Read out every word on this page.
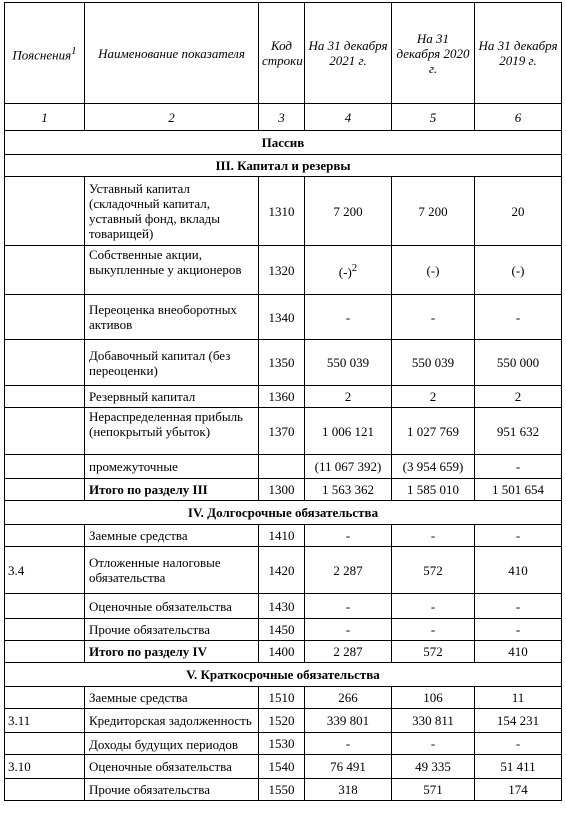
Пояснения$^1$	Наименование показателя	Код строки	На 31 декабря 2021 г.	На 31 декабря 2020 г.	На 31 декабря 2019 г.
1	2	3	4	5	6
Пассив					
III. Капитал и резервы					
	Уставный капитал (складочный капитал, уставный фонд, вклады товарищей)	1310	7 200	7 200	20

	Собственные акции, выкупленные у акционеров	1320	$(-)^2$	(-)	(-)
	Переоценка внеоборотных активов	1340	-	-	-
	Добавочный капитал (без переоценки)	1350	550 039	550 039	550 000
	Резервный капитал	1360	2	2	2

	Нераспределенная прибыль (непокрытый убыток)	1370	1 006 121	1 027 769	951 632
	промежуточные		(11 067 392)	(3 954 659)	-
	Итого по разделу III	1300	1 563 362	1 585 010	1 501 654
IV. Долгосрочные обязательства					
	Заемные средства	1410	-	-	-
3.4	Отложенные налоговые обязательства	1420	2 287	572	410

	Оценочные обязательства	1430	-	-	-
	Прочие обязательства	1450	-	-	-
	Итого по разделу IV	1400	2 287	572	410
V. Краткосрочные обязательства					
	Заемные средства	1510	266	106	11
3.11	Кредиторская задолженность	1520	339 801	330 811	154 231

	Доходы будущих периодов	1530	-	-	-
3.10	Оценочные обязательства	1540	76 491	49 335	51 411
	Прочие обязательства	1550	318	571	174
